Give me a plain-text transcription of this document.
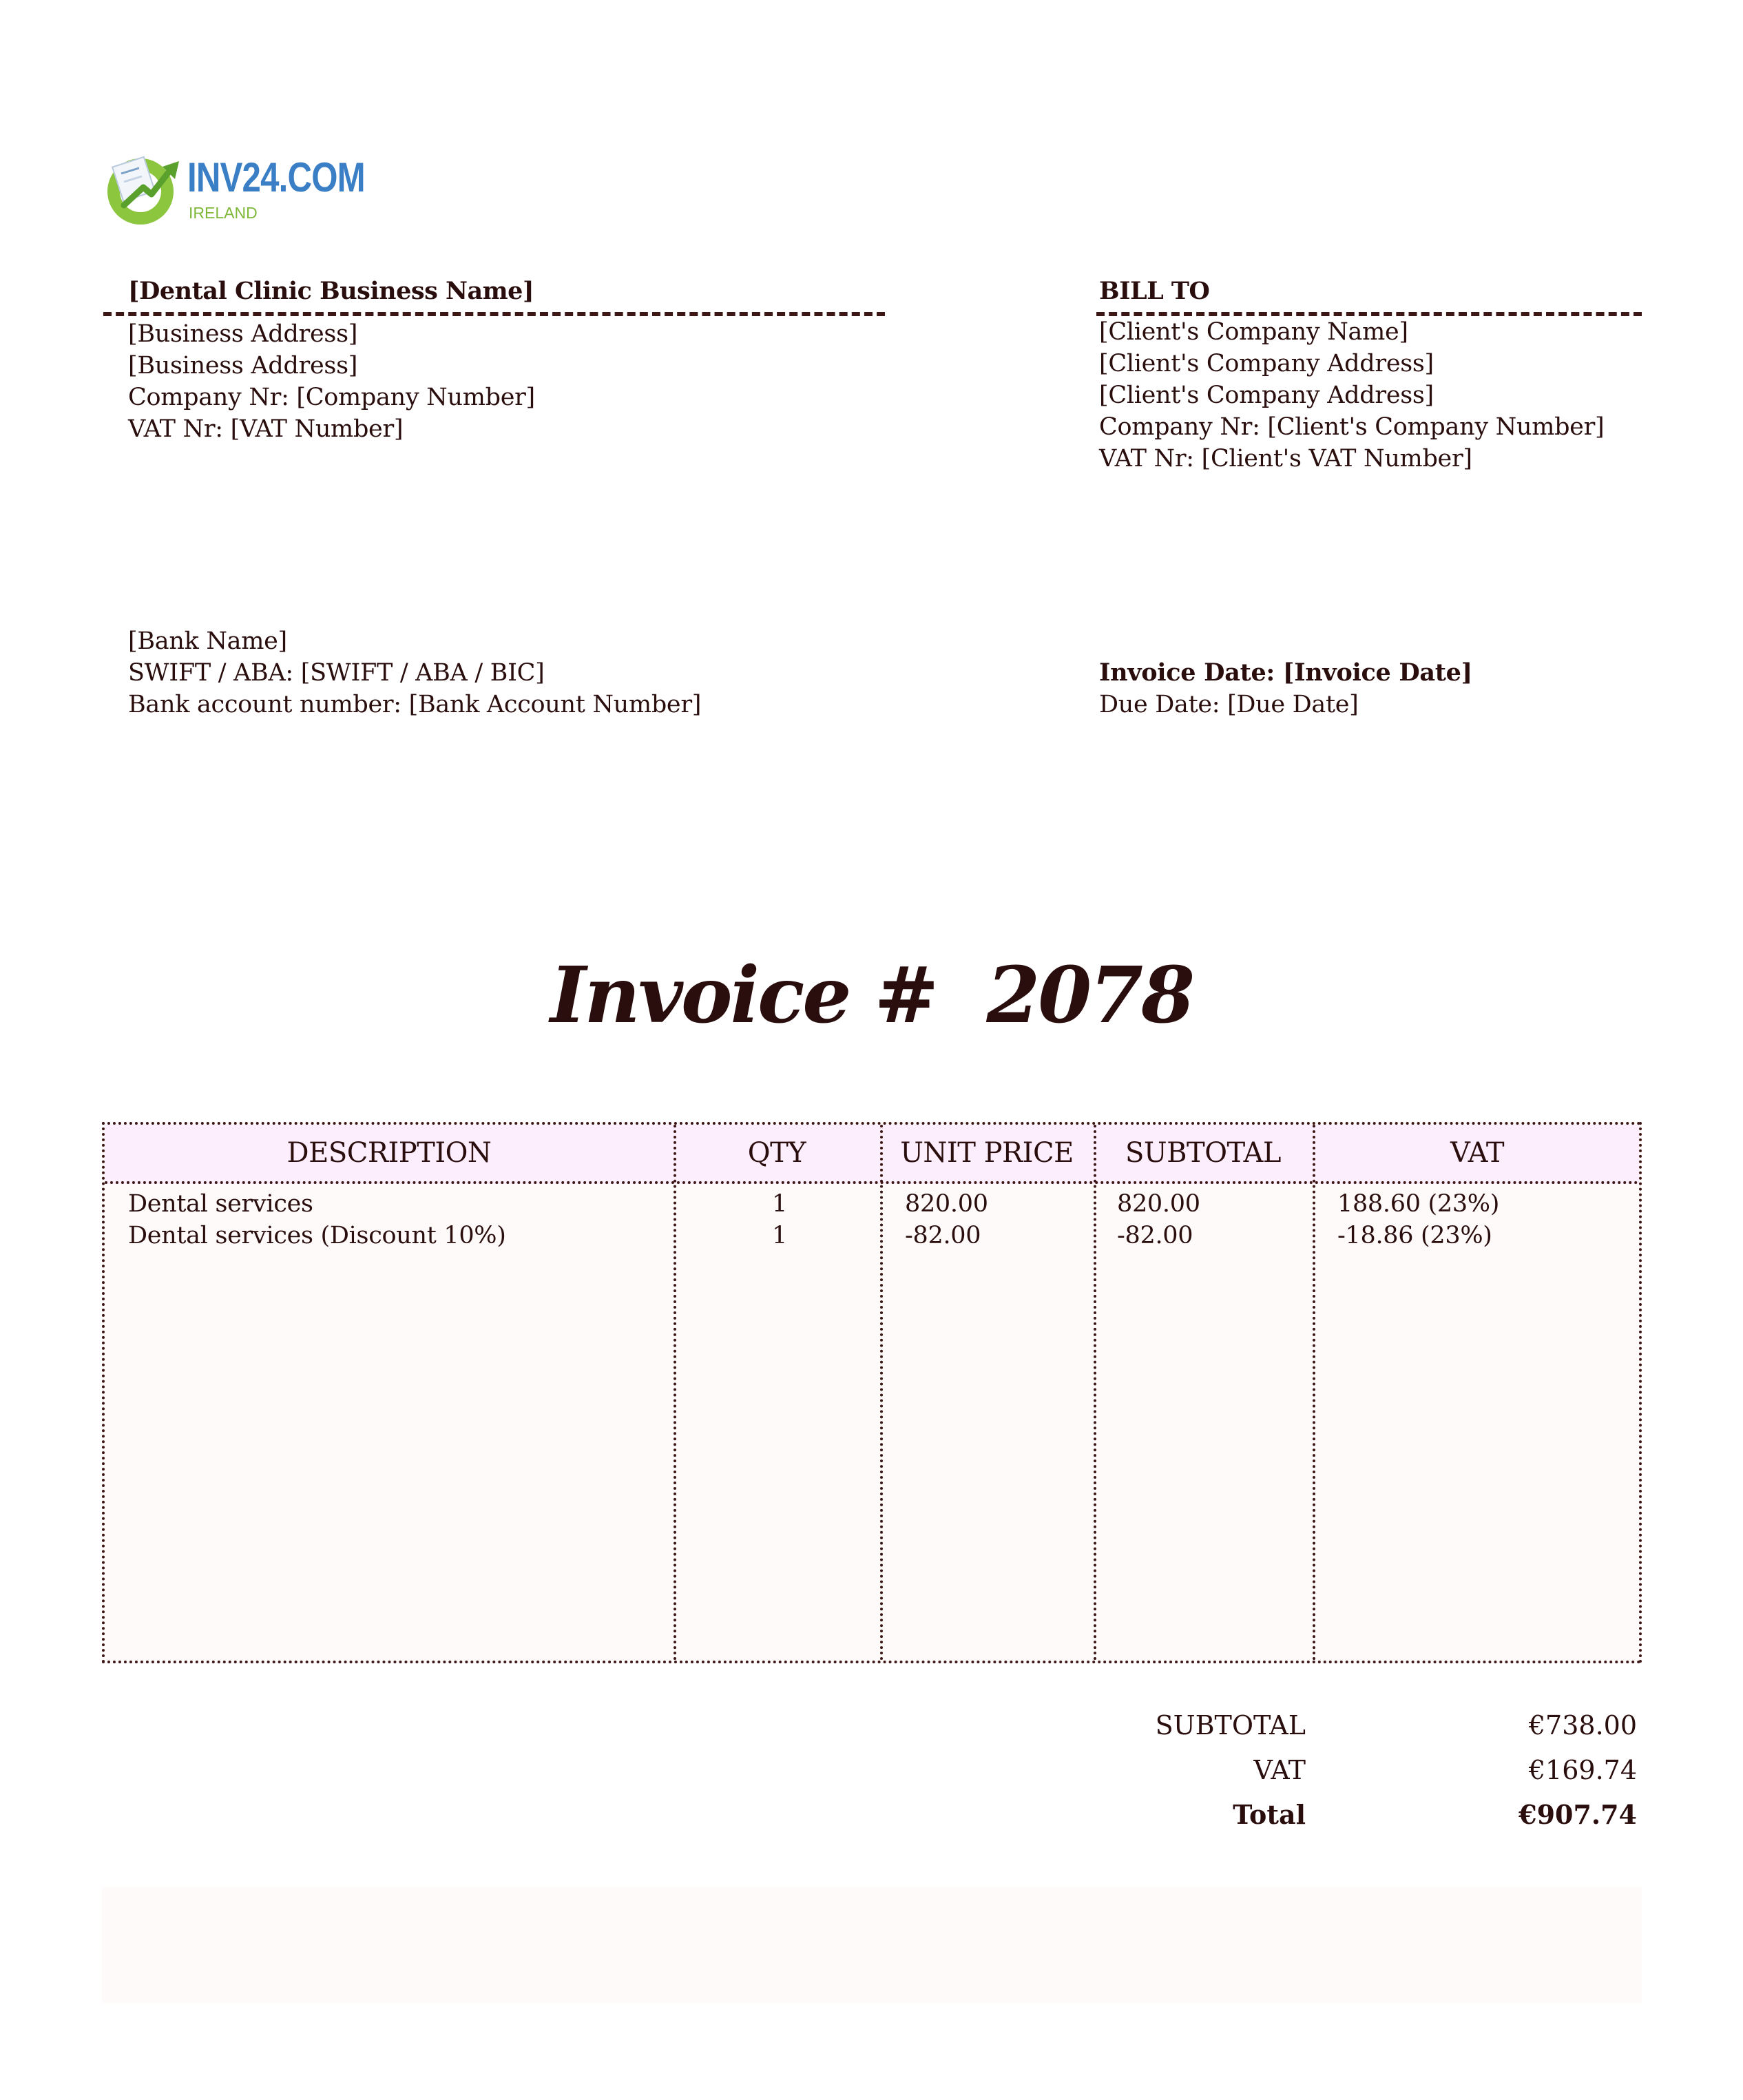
INV24.COM
IRELAND
[Dental Clinic Business Name]
[Business Address]
[Business Address]
Company Nr: [Company Number]
VAT Nr: [VAT Number]
BILL TO
[Client's Company Name]
[Client's Company Address]
[Client's Company Address]
Company Nr: [Client's Company Number]
VAT Nr: [Client's VAT Number]
[Bank Name]
SWIFT / ABA: [SWIFT / ABA / BIC]
Bank account number: [Bank Account Number]
Invoice Date: [Invoice Date]
Due Date: [Due Date]
Invoice # 2078
DESCRIPTION	QTY	UNIT PRICE	SUBTOTAL	VAT
Dental services	1	820.00	820.00	188.60 (23%)
Dental services (Discount 10%)	1	-82.00	-82.00	-18.86 (23%)
SUBTOTAL	€738.00
VAT	€169.74
Total	€907.74
